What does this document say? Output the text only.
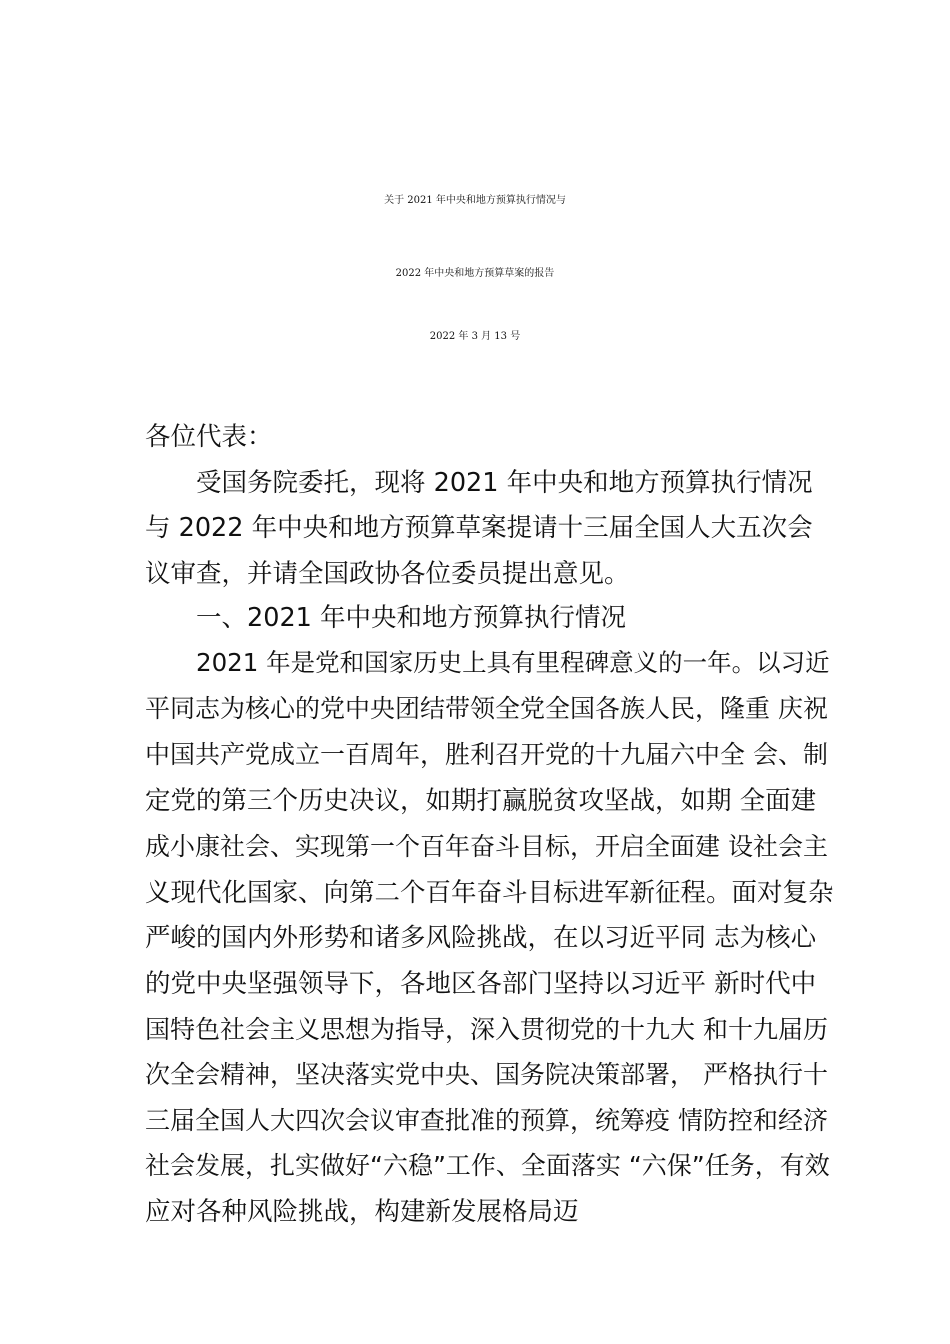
关于 2021 年中央和地方预算执行情况与
2022 年中央和地方预算草案的报告
2022 年 3 月 13 号
各位代表：
受国务院委托，现将 2021 年中央和地方预算执行情况
与 2022 年中央和地方预算草案提请十三届全国人大五次会
议审查，并请全国政协各位委员提出意见。
一、2021 年中央和地方预算执行情况
2021 年是党和国家历史上具有里程碑意义的一年。以习近
平同志为核心的党中央团结带领全党全国各族人民，隆重 庆祝
中国共产党成立一百周年，胜利召开党的十九届六中全 会、制
定党的第三个历史决议，如期打赢脱贫攻坚战，如期 全面建
成小康社会、实现第一个百年奋斗目标，开启全面建 设社会主
义现代化国家、向第二个百年奋斗目标进军新征程。面对复杂
严峻的国内外形势和诸多风险挑战，在以习近平同 志为核心
的党中央坚强领导下，各地区各部门坚持以习近平 新时代中
国特色社会主义思想为指导，深入贯彻党的十九大 和十九届历
次全会精神，坚决落实党中央、国务院决策部署， 严格执行十
三届全国人大四次会议审查批准的预算，统筹疫 情防控和经济
社会发展，扎实做好“六稳”工作、全面落实 “六保”任务，有效
应对各种风险挑战，构建新发展格局迈
